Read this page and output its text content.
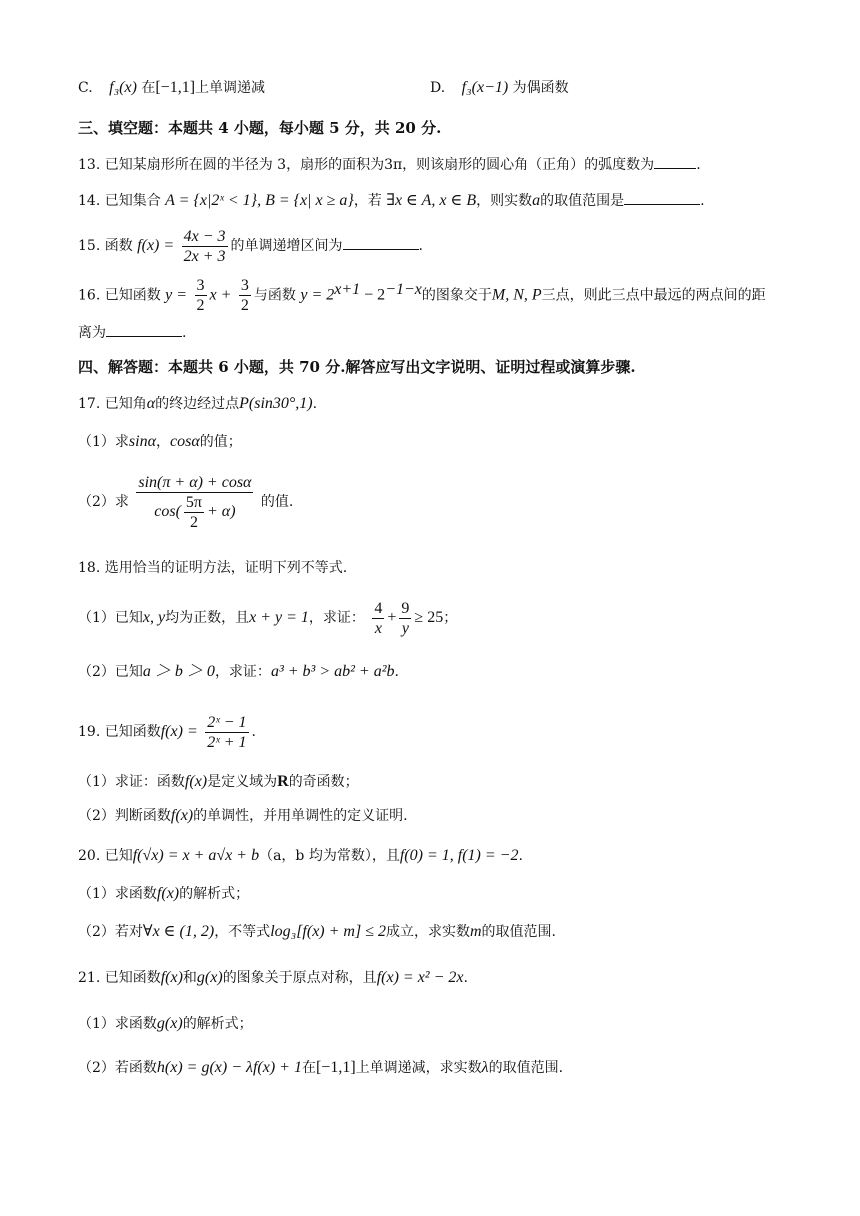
C. f₃(x) 在[−1,1]上单调递减	D. f₃(x−1) 为偶函数
三、填空题：本题共 4 小题，每小题 5 分，共 20 分.
13. 已知某扇形所在圆的半径为 3，扇形的面积为3π，则该扇形的圆心角（正角）的弧度数为	.
14. 已知集合 A = {x|2ˣ < 1}, B = {x| x ≥ a}，若 ∃x ∈ A, x ∈ B，则实数a的取值范围是	.
15. 函数 $f(x) = \frac{4x - 3}{2x + 3}$ 的单调递增区间为	.
16. 已知函数 $y = \frac{3}{2}$ $x + \frac{3}{2}$ 与函数 $y = 2^{x+1} - 2^{-1-x}$的图象交于M, N, P三点，则此三点中最远的两点间的距
离为	.
四、解答题：本题共 6 小题，共 70 分.解答应写出文字说明、证明过程或演算步骤.
17. 已知角α的终边经过点P(sin30°,1).
（1）求sinα，cosα的值；
（2）求 $\frac{\sin(\pi + \alpha) + \cos\alpha}{\cos( \frac{5\pi}{2} + \alpha)}$ 的值.
18. 选用恰当的证明方法，证明下列不等式.
（1）已知x, y均为正数，且x + y = 1，求证： $\frac{4}{x} + \frac{9}{y} \ge 25$；
（2）已知a ＞ b ＞ 0，求证：a³ + b³ > ab² + a²b.
19. 已知函数$f(x) = \frac{\text{2ˣ − 1}}{\text{2ˣ + 1}}$ .
（1）求证：函数f(x)是定义域为R的奇函数；
（2）判断函数f(x)的单调性，并用单调性的定义证明.
20. 已知f(√x) = x + a√x + b（a，b 均为常数），且f(0) = 1, f(1) = −2.
（1）求函数f(x)的解析式；
（2）若对∀x ∈ (1, 2)，不等式log₃[f(x) + m] ≤ 2成立，求实数m的取值范围.
21. 已知函数f(x)和g(x)的图象关于原点对称，且f(x) = x² − 2x.
（1）求函数g(x)的解析式；
（2）若函数h(x) = g(x) − λf(x) + 1在[−1,1]上单调递减，求实数λ的取值范围.
